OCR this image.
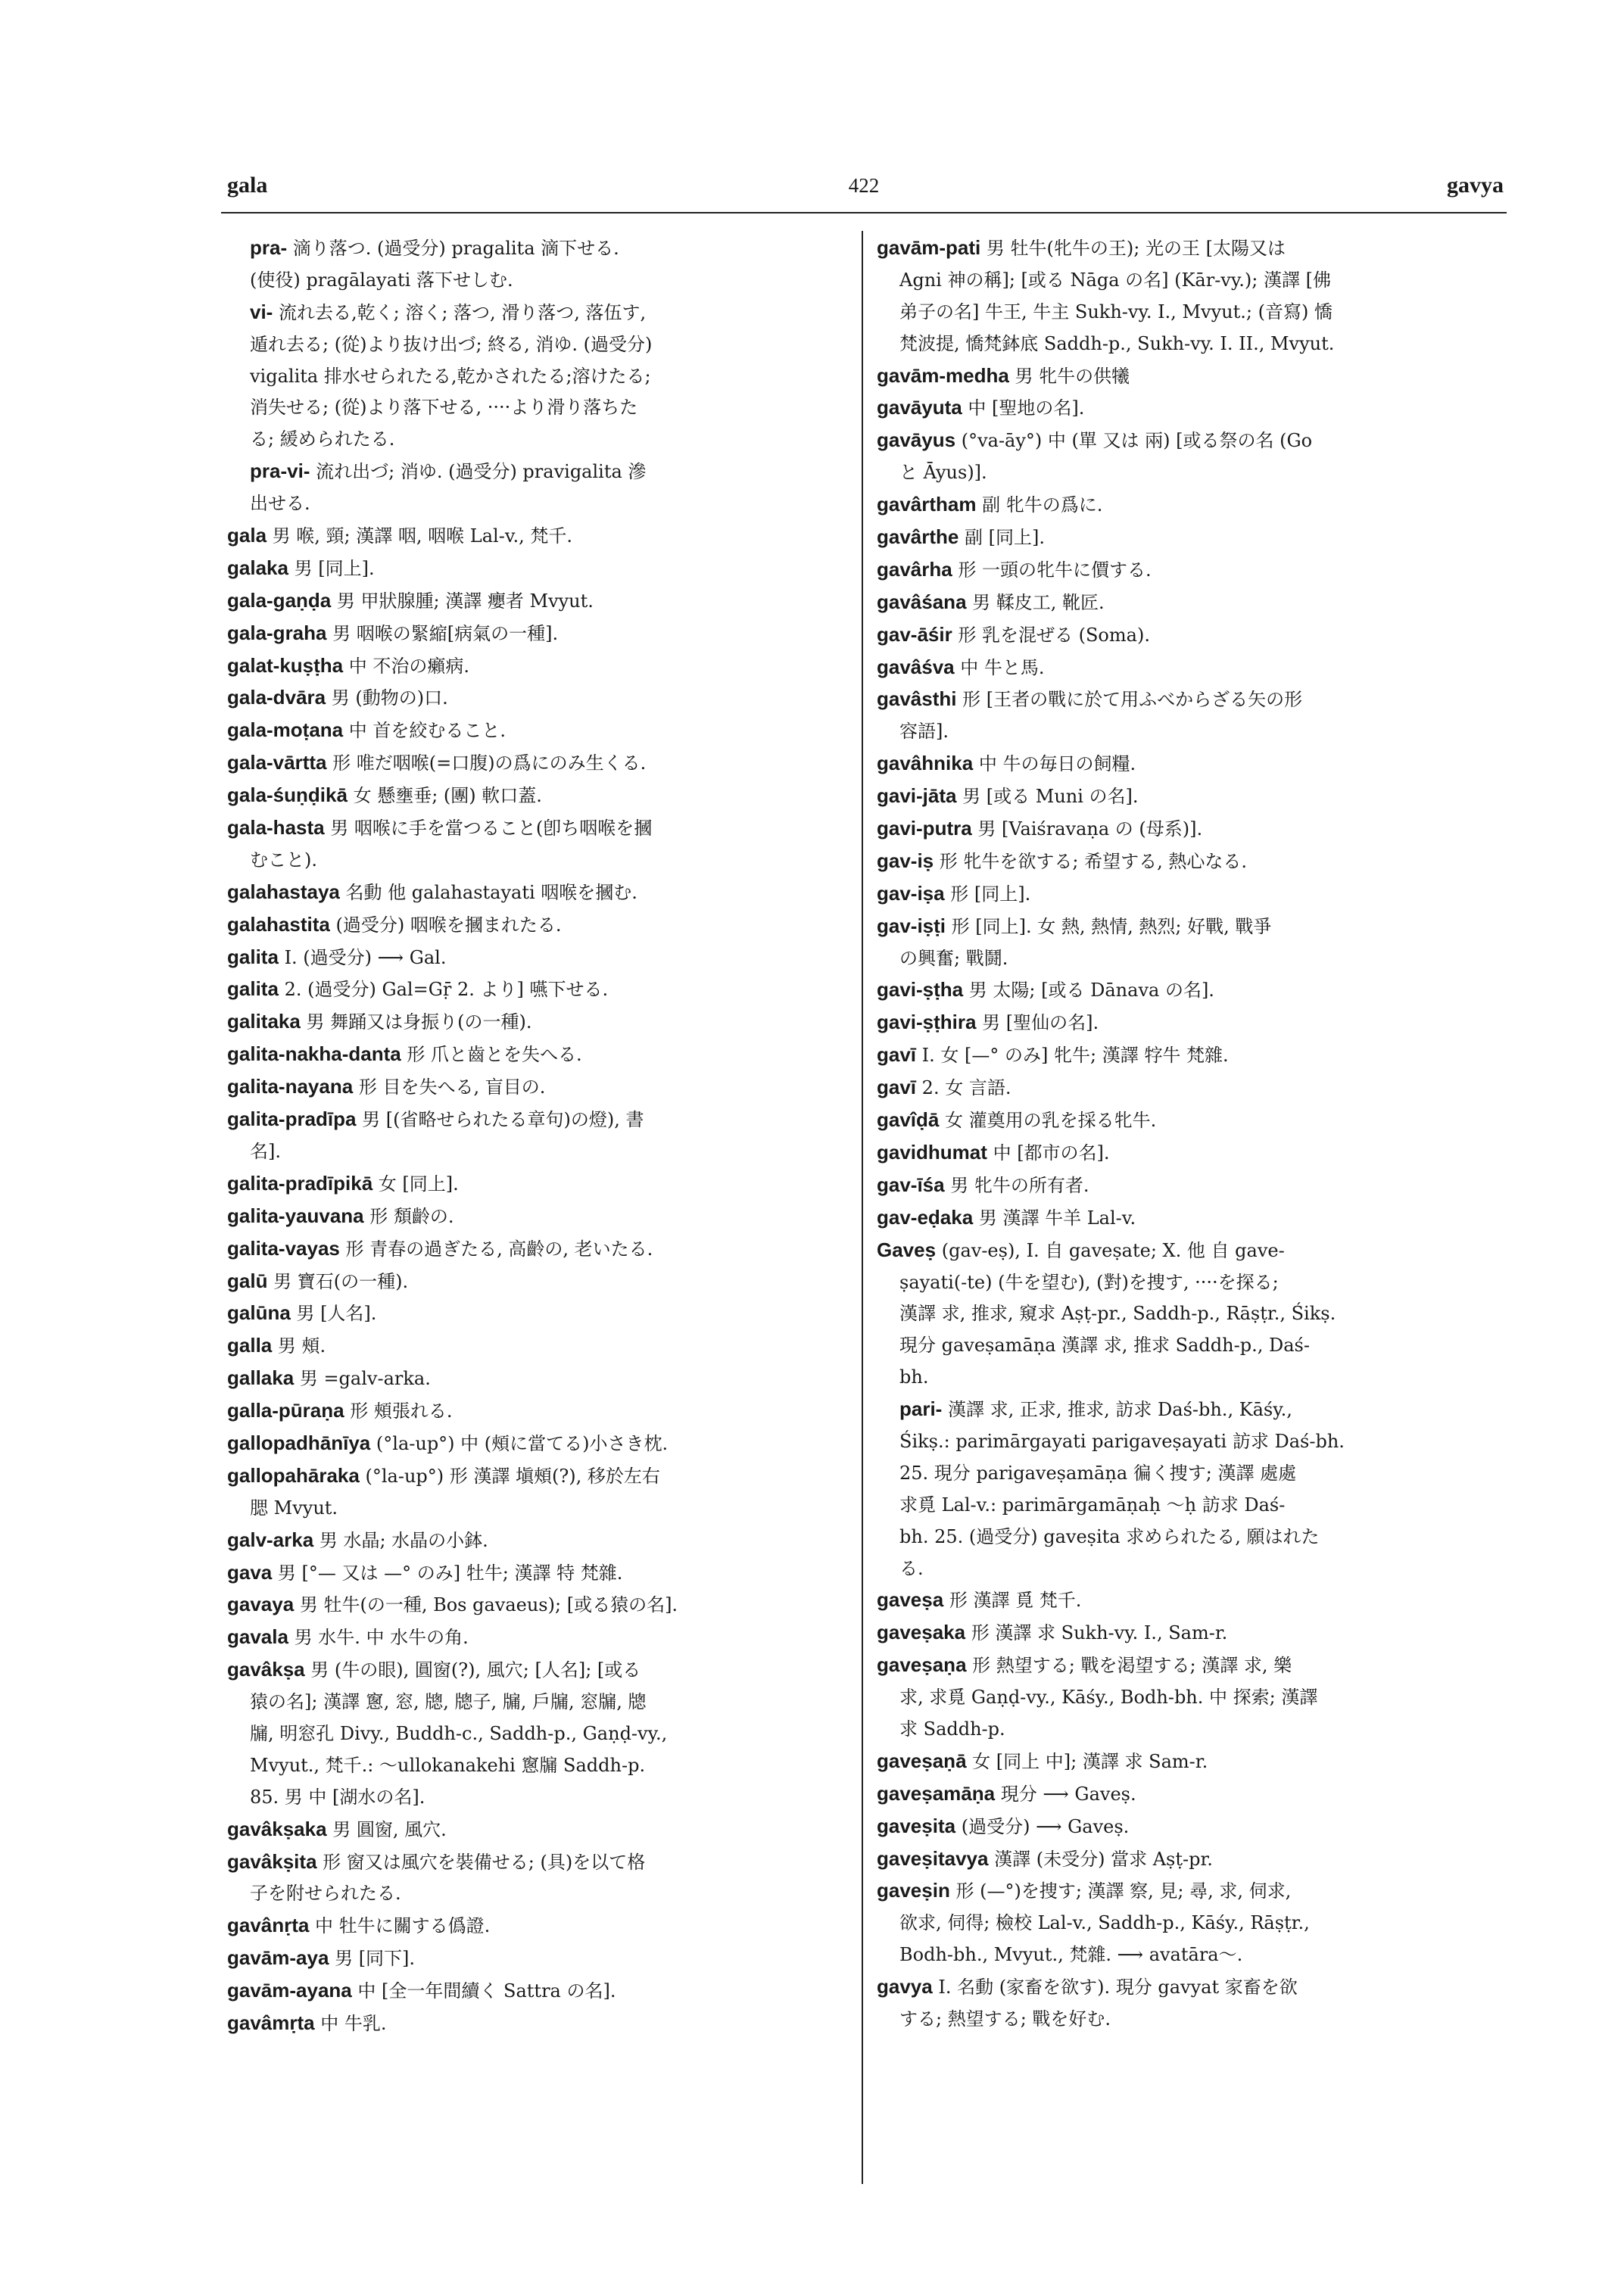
gala	422	gavya
pra- 滴り落つ. (過受分) pragalita 滴下せる.
(使役) pragālayati 落下せしむ.
vi- 流れ去る,乾く; 溶く; 落つ, 滑り落つ, 落伍す,
遁れ去る; (從)より抜け出づ; 終る, 消ゆ. (過受分)
vigalita 排水せられたる,乾かされたる;溶けたる;
消失せる; (從)より落下せる, ····より滑り落ちた
る; 緩められたる.
pra-vi- 流れ出づ; 消ゆ. (過受分) pravigalita 滲
出せる.
gala 男 喉, 頸; 漢譯 咽, 咽喉 Lal-v., 梵千.
galaka 男 [同上].
gala-gaṇḍa 男 甲狀腺腫; 漢譯 癭者 Mvyut.
gala-graha 男 咽喉の緊縮[病氣の一種].
galat-kuṣṭha 中 不治の癩病.
gala-dvāra 男 (動物の)口.
gala-moṭana 中 首を絞むること.
gala-vārtta 形 唯だ咽喉(=口腹)の爲にのみ生くる.
gala-śuṇḍikā 女 懸壅垂; (團) 軟口蓋.
gala-hasta 男 咽喉に手を當つること(卽ち咽喉を摑
むこと).
galahastaya 名動 他 galahastayati 咽喉を摑む.
galahastita (過受分) 咽喉を摑まれたる.
galita I. (過受分) ⟶ Gal.
galita 2. (過受分) Gal=Gṝ 2. より] 嚥下せる.
galitaka 男 舞踊又は身振り(の一種).
galita-nakha-danta 形 爪と齒とを失へる.
galita-nayana 形 目を失へる, 盲目の.
galita-pradīpa 男 [(省略せられたる章句)の燈), 書
名].
galita-pradīpikā 女 [同上].
galita-yauvana 形 頽齡の.
galita-vayas 形 青春の過ぎたる, 高齡の, 老いたる.
galū 男 寶石(の一種).
galūna 男 [人名].
galla 男 頰.
gallaka 男 =galv-arka.
galla-pūraṇa 形 頰張れる.
gallopadhānīya (°la-up°) 中 (頰に當てる)小さき枕.
gallopahāraka (°la-up°) 形 漢譯 塡頰(?), 移於左右
腮 Mvyut.
galv-arka 男 水晶; 水晶の小鉢.
gava 男 [°— 又は —° のみ] 牡牛; 漢譯 特 梵雜.
gavaya 男 牡牛(の一種, Bos gavaeus); [或る猿の名].
gavala 男 水牛. 中 水牛の角.
gavâkṣa 男 (牛の眼), 圓窗(?), 風穴; [人名]; [或る
猿の名]; 漢譯 窻, 窓, 牕, 牕子, 牖, 戶牖, 窓牖, 牕
牖, 明窓孔 Divy., Buddh-c., Saddh-p., Gaṇḍ-vy.,
Mvyut., 梵千.: ～ullokanakehi 窻牖 Saddh-p.
85. 男 中 [湖水の名].
gavâkṣaka 男 圓窗, 風穴.
gavâkṣita 形 窗又は風穴を裝備せる; (具)を以て格
子を附せられたる.
gavânṛta 中 牡牛に關する僞證.
gavām-aya 男 [同下].
gavām-ayana 中 [全一年間續く Sattra の名].
gavâmṛta 中 牛乳.
gavām-pati 男 牡牛(牝牛の王); 光の王 [太陽又は
Agni 神の稱]; [或る Nāga の名] (Kār-vy.); 漢譯 [佛
弟子の名] 牛王, 牛主 Sukh-vy. I., Mvyut.; (音寫) 憍
梵波提, 憍梵鉢底 Saddh-p., Sukh-vy. I. II., Mvyut.
gavām-medha 男 牝牛の供犧
gavāyuta 中 [聖地の名].
gavāyus (°va-āy°) 中 (單 又は 兩) [或る祭の名 (Go
と Āyus)].
gavârtham 副 牝牛の爲に.
gavârthe 副 [同上].
gavârha 形 一頭の牝牛に價する.
gavâśana 男 鞣皮工, 靴匠.
gav-āśir 形 乳を混ぜる (Soma).
gavâśva 中 牛と馬.
gavâsthi 形 [王者の戰に於て用ふべからざる矢の形
容語].
gavâhnika 中 牛の毎日の飼糧.
gavi-jāta 男 [或る Muni の名].
gavi-putra 男 [Vaiśravaṇa の (母系)].
gav-iṣ 形 牝牛を欲する; 希望する, 熱心なる.
gav-iṣa 形 [同上].
gav-iṣṭi 形 [同上]. 女 熱, 熱情, 熱烈; 好戰, 戰爭
の興奮; 戰鬪.
gavi-ṣṭha 男 太陽; [或る Dānava の名].
gavi-ṣṭhira 男 [聖仙の名].
gavī I. 女 [—° のみ] 牝牛; 漢譯 牸牛 梵雜.
gavī 2. 女 言語.
gavîḍā 女 灌奠用の乳を採る牝牛.
gavidhumat 中 [都市の名].
gav-īśa 男 牝牛の所有者.
gav-eḍaka 男 漢譯 牛羊 Lal-v.
Gaveṣ (gav-eṣ), I. 自 gaveṣate; X. 他 自 gave-
ṣayati(-te) (牛を望む), (對)を捜す, ····を探る;
漢譯 求, 推求, 窺求 Aṣṭ-pr., Saddh-p., Rāṣṭr., Śikṣ.
現分 gaveṣamāṇa 漢譯 求, 推求 Saddh-p., Daś-
bh.
pari- 漢譯 求, 正求, 推求, 訪求 Daś-bh., Kāśy.,
Śikṣ.: parimārgayati parigaveṣayati 訪求 Daś-bh.
25. 現分 parigaveṣamāṇa 徧く捜す; 漢譯 處處
求覓 Lal-v.: parimārgamāṇaḥ ～ḥ 訪求 Daś-
bh. 25. (過受分) gaveṣita 求められたる, 願はれた
る.
gaveṣa 形 漢譯 覓 梵千.
gaveṣaka 形 漢譯 求 Sukh-vy. I., Sam-r.
gaveṣaṇa 形 熱望する; 戰を渇望する; 漢譯 求, 樂
求, 求覓 Gaṇḍ-vy., Kāśy., Bodh-bh. 中 探索; 漢譯
求 Saddh-p.
gaveṣaṇā 女 [同上 中]; 漢譯 求 Sam-r.
gaveṣamāṇa 現分 ⟶ Gaveṣ.
gaveṣita (過受分) ⟶ Gaveṣ.
gaveṣitavya 漢譯 (未受分) 當求 Aṣṭ-pr.
gaveṣin 形 (—°)を捜す; 漢譯 察, 見; 尋, 求, 伺求,
欲求, 伺得; 檢校 Lal-v., Saddh-p., Kāśy., Rāṣṭr.,
Bodh-bh., Mvyut., 梵雜. ⟶ avatāra～.
gavya I. 名動 (家畜を欲す). 現分 gavyat 家畜を欲
する; 熱望する; 戰を好む.
